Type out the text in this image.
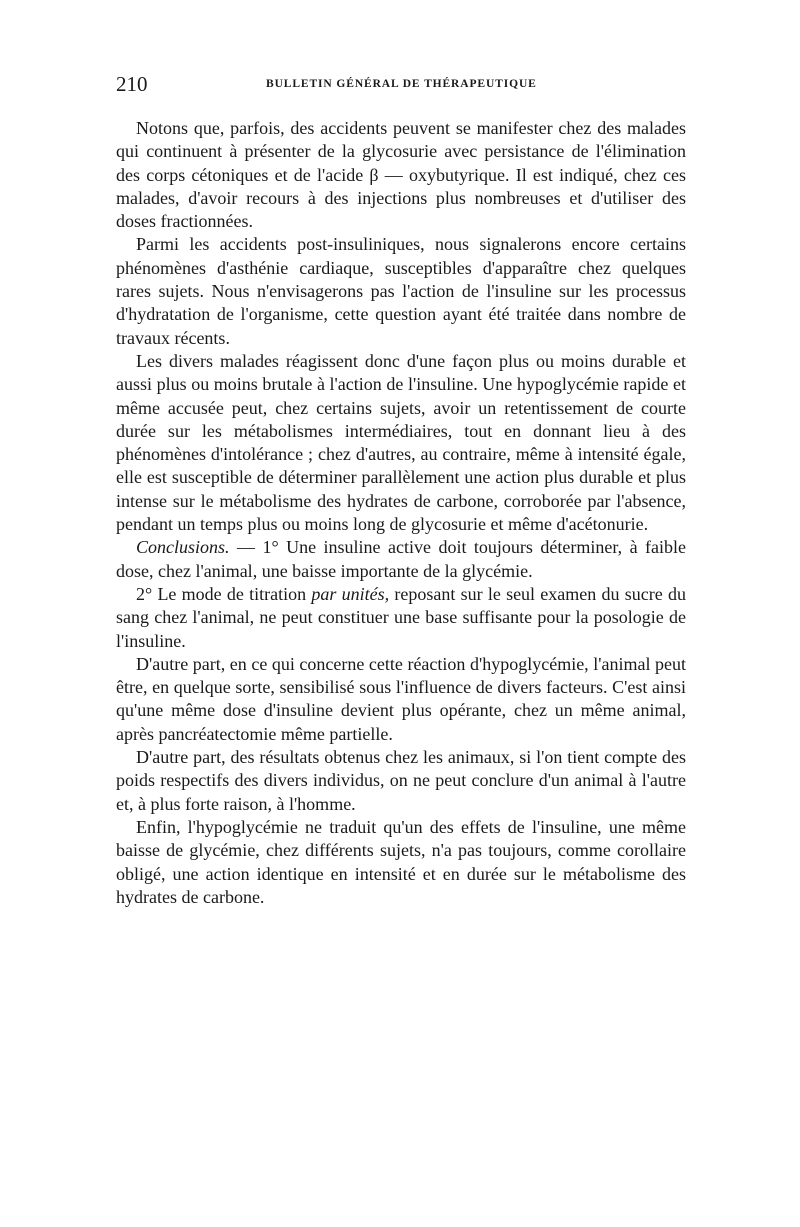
210	BULLETIN GÉNÉRAL DE THÉRAPEUTIQUE

Notons que, parfois, des accidents peuvent se manifester chez des malades qui continuent à présenter de la glycosurie avec persistance de l'élimination des corps cétoniques et de l'acide β — oxybutyrique. Il est indiqué, chez ces malades, d'avoir recours à des injections plus nombreuses et d'utiliser des doses fractionnées.

Parmi les accidents post-insuliniques, nous signalerons encore certains phénomènes d'asthénie cardiaque, susceptibles d'apparaître chez quelques rares sujets. Nous n'envisagerons pas l'action de l'insuline sur les processus d'hydratation de l'organisme, cette question ayant été traitée dans nombre de travaux récents.

Les divers malades réagissent donc d'une façon plus ou moins durable et aussi plus ou moins brutale à l'action de l'insuline. Une hypoglycémie rapide et même accusée peut, chez certains sujets, avoir un retentissement de courte durée sur les métabolismes intermédiaires, tout en donnant lieu à des phénomènes d'intolérance ; chez d'autres, au contraire, même à intensité égale, elle est susceptible de déterminer parallèlement une action plus durable et plus intense sur le métabolisme des hydrates de carbone, corroborée par l'absence, pendant un temps plus ou moins long de glycosurie et même d'acétonurie.

Conclusions. — 1° Une insuline active doit toujours déterminer, à faible dose, chez l'animal, une baisse importante de la glycémie.

2° Le mode de titration par unités, reposant sur le seul examen du sucre du sang chez l'animal, ne peut constituer une base suffisante pour la posologie de l'insuline.

D'autre part, en ce qui concerne cette réaction d'hypoglycémie, l'animal peut être, en quelque sorte, sensibilisé sous l'influence de divers facteurs. C'est ainsi qu'une même dose d'insuline devient plus opérante, chez un même animal, après pancréatectomie même partielle.

D'autre part, des résultats obtenus chez les animaux, si l'on tient compte des poids respectifs des divers individus, on ne peut conclure d'un animal à l'autre et, à plus forte raison, à l'homme.

Enfin, l'hypoglycémie ne traduit qu'un des effets de l'insuline, une même baisse de glycémie, chez différents sujets, n'a pas toujours, comme corollaire obligé, une action identique en intensité et en durée sur le métabolisme des hydrates de carbone.
